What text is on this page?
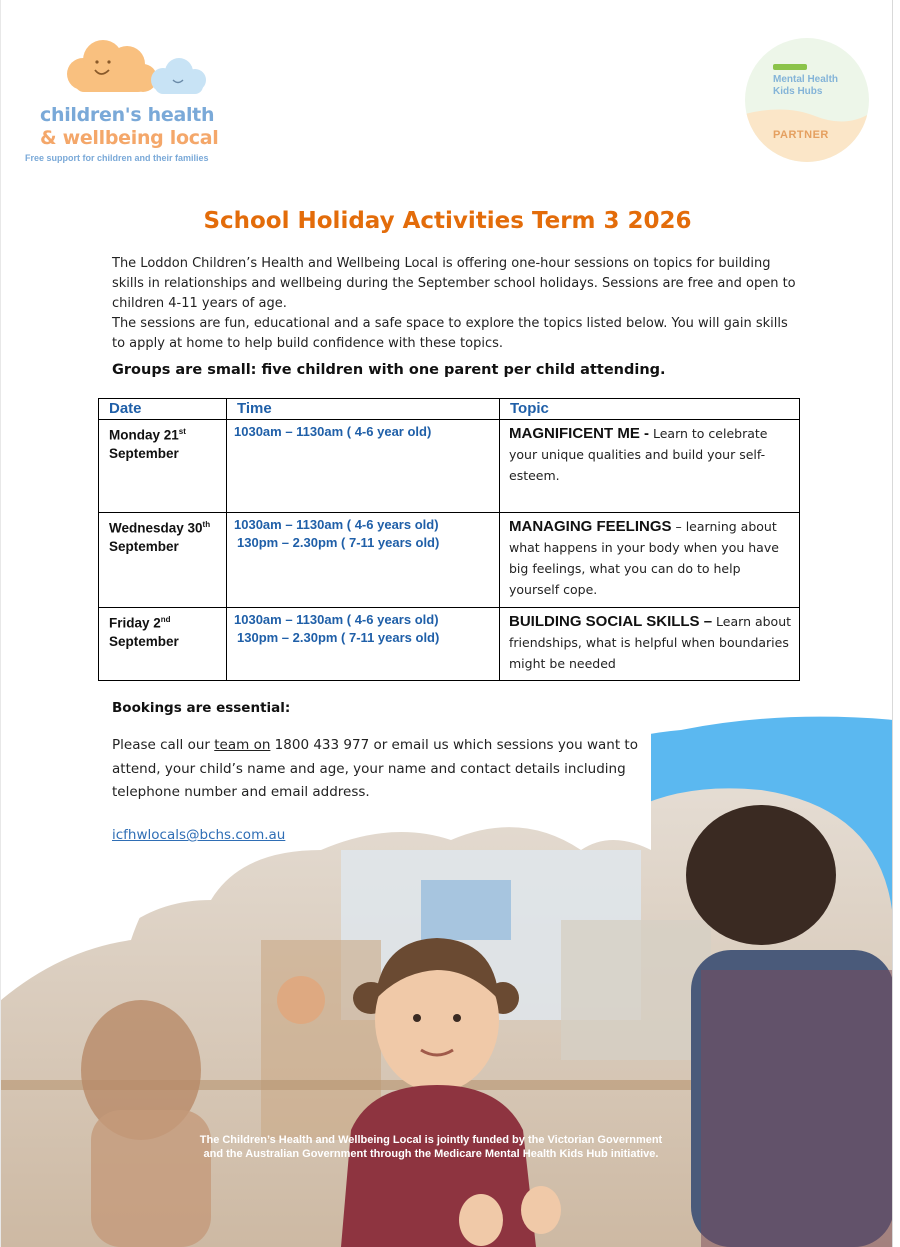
children's health
& wellbeing local
Free support for children and their families
Mental Health
Kids Hubs
PARTNER
School Holiday Activities Term 3 2026

The Loddon Children’s Health and Wellbeing Local is offering one-hour sessions on topics for building skills in relationships and wellbeing during the September school holidays. Sessions are free and open to children 4-11 years of age.

The sessions are fun, educational and a safe space to explore the topics listed below. You will gain skills to apply at home to help build confidence with these topics.

Groups are small: five children with one parent per child attending.
Date	Time	Topic
Monday 21st
September	1030am – 1130am ( 4-6 year old)	MAGNIFICENT ME - Learn to celebrate your unique qualities and build your self-esteem.
Wednesday 30th
September	1030am – 1130am ( 4-6 years old)
130pm – 2.30pm ( 7-11 years old)	MANAGING FEELINGS – learning about what happens in your body when you have big feelings, what you can do to help yourself cope.
Friday 2nd
September	1030am – 1130am ( 4-6 years old)
130pm – 2.30pm ( 7-11 years old)	BUILDING SOCIAL SKILLS – Learn about friendships, what is helpful when boundaries might be needed
Bookings are essential:
Please call our team on 1800 433 977 or email us which sessions you want to attend, your child’s name and age, your name and contact details including telephone number and email address.
icfhwlocals@bchs.com.au
The Children’s Health and Wellbeing Local is jointly funded by the Victorian Government
and the Australian Government through the Medicare Mental Health Kids Hub initiative.
